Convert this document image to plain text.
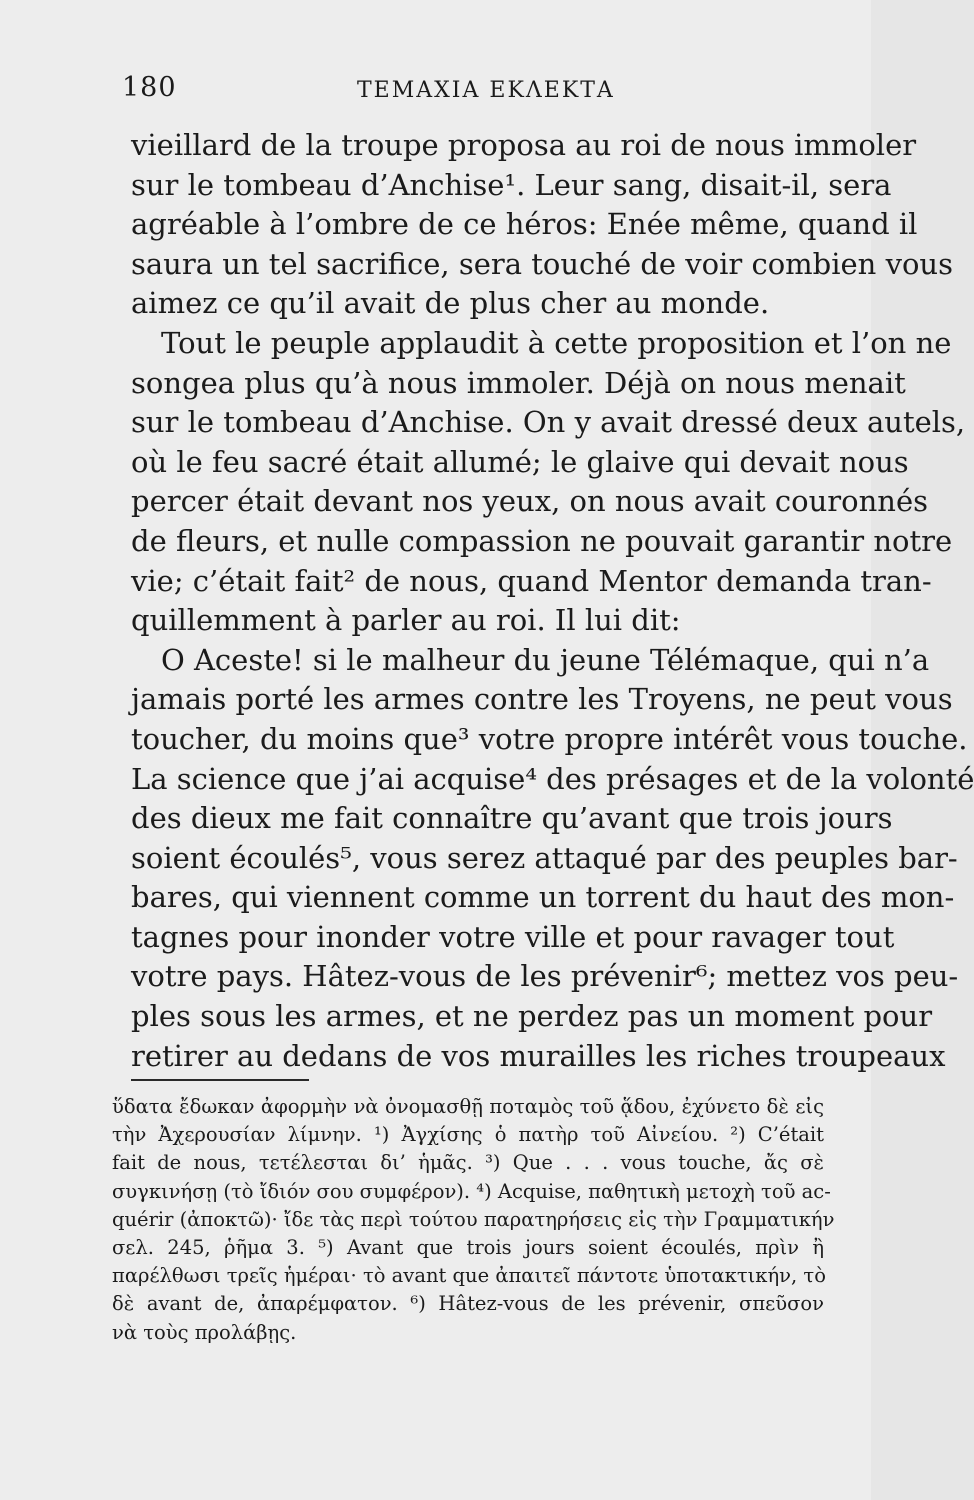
180	ΤΕΜΑΧΙΑ ΕΚΛΕΚΤΑ
vieillard de la troupe proposa au roi de nous immoler
sur le tombeau d’Anchise¹. Leur sang, disait-il, sera
agréable à l’ombre de ce héros: Enée même, quand il
saura un tel sacrifice, sera touché de voir combien vous
aimez ce qu’il avait de plus cher au monde.
Tout le peuple applaudit à cette proposition et l’on ne
songea plus qu’à nous immoler. Déjà on nous menait
sur le tombeau d’Anchise. On y avait dressé deux autels,
où le feu sacré était allumé; le glaive qui devait nous
percer était devant nos yeux, on nous avait couronnés
de fleurs, et nulle compassion ne pouvait garantir notre
vie; c’était fait² de nous, quand Mentor demanda tran-
quillemment à parler au roi. Il lui dit:
O Aceste! si le malheur du jeune Télémaque, qui n’a
jamais porté les armes contre les Troyens, ne peut vous
toucher, du moins que³ votre propre intérêt vous touche.
La science que j’ai acquise⁴ des présages et de la volonté
des dieux me fait connaître qu’avant que trois jours
soient écoulés⁵, vous serez attaqué par des peuples bar-
bares, qui viennent comme un torrent du haut des mon-
tagnes pour inonder votre ville et pour ravager tout
votre pays. Hâtez-vous de les prévenir⁶; mettez vos peu-
ples sous les armes, et ne perdez pas un moment pour
retirer au dedans de vos murailles les riches troupeaux
ὕδατα ἔδωκαν ἀφορμὴν νὰ ὀνομασθῇ ποταμὸς τοῦ ᾅδου, ἐχύνετο δὲ εἰς
τὴν Ἀχερουσίαν λίμνην. ¹) Ἀγχίσης ὁ πατὴρ τοῦ Αἰνείου. ²) C’était
fait de nous, τετέλεσται δι’ ἡμᾶς. ³) Que . . . vous touche, ἄς σὲ
συγκινήσῃ (τὸ ἴδιόν σου συμφέρον). ⁴) Acquise, παθητικὴ μετοχὴ τοῦ ac-
quérir (ἀποκτῶ)· ἴδε τὰς περὶ τούτου παρατηρήσεις εἰς τὴν Γραμματικήν
σελ. 245, ῥῆμα 3. ⁵) Avant que trois jours soient écoulés, πρὶν ἢ
παρέλθωσι τρεῖς ἡμέραι· τὸ avant que ἀπαιτεῖ πάντοτε ὑποτακτικήν, τὸ
δὲ avant de, ἀπαρέμφατον. ⁶) Hâtez-vous de les prévenir, σπεῦσον
νὰ τοὺς προλάβῃς.
